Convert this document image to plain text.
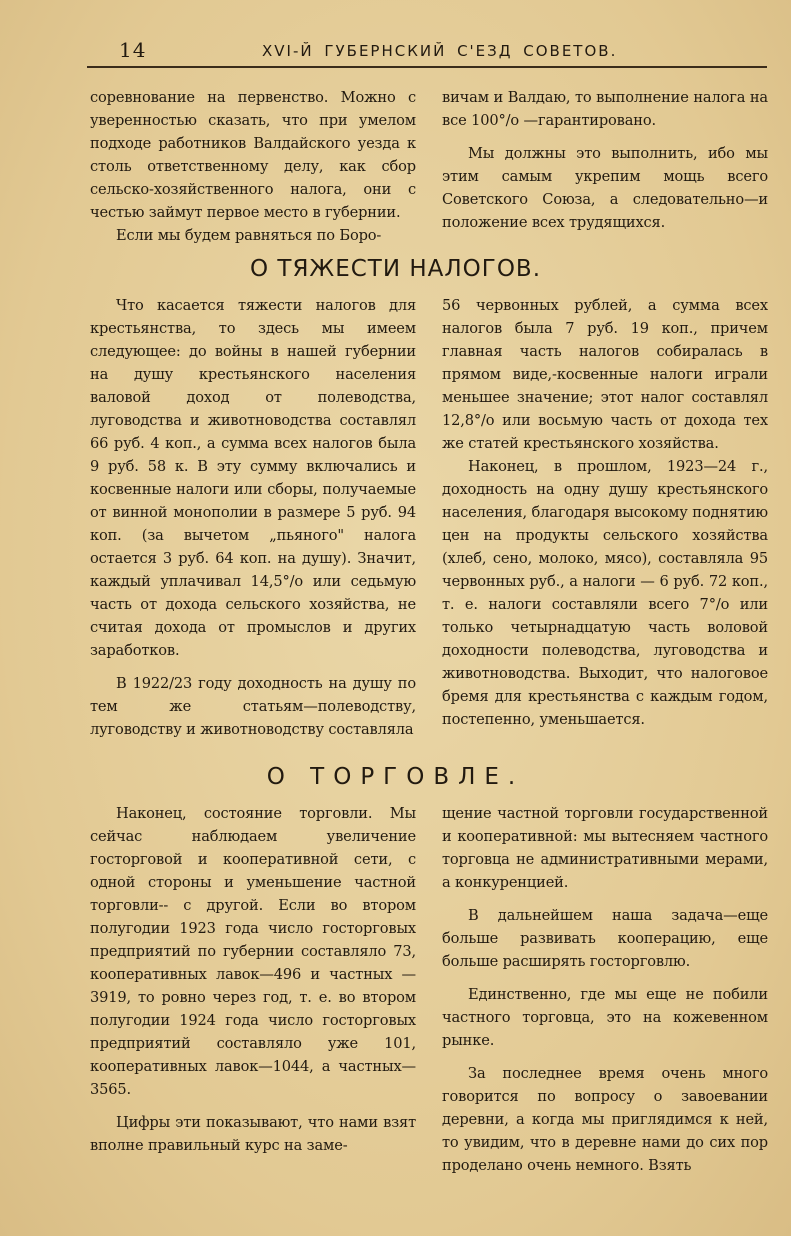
14	XVI-Й ГУБЕРНСКИЙ С'ЕЗД СОВЕТОВ.

соревнование на первенство. Можно с уверенностью сказать, что при умелом подходе работников Валдайского уезда к столь ответственному делу, как сбор сельско-хозяйственного налога, они с честью займут первое место в губернии.

Если мы будем равняться по Боро-

вичам и Валдаю, то выполнение налога на все 100°/о —гарантировано.

Мы должны это выполнить, ибо мы этим самым укрепим мощь всего Советского Союза, а следовательно—и положение всех трудящихся.

О ТЯЖЕСТИ НАЛОГОВ.

Что касается тяжести налогов для крестьянства, то здесь мы имеем следующее: до войны в нашей губернии на душу крестьянского населения валовой доход от полеводства, луговодства и животноводства составлял 66 руб. 4 коп., а сумма всех налогов была 9 руб. 58 к. В эту сумму включались и косвенные налоги или сборы, получаемые от винной монополии в размере 5 руб. 94 коп. (за вычетом „пьяного" налога остается 3 руб. 64 коп. на душу). Значит, каждый уплачивал 14,5°/о или седьмую часть от дохода сельского хозяйства, не считая дохода от промыслов и других заработков.

В 1922/23 году доходность на душу по тем же статьям—полеводству, луговодству и животноводству составляла

56 червонных рублей, а сумма всех налогов была 7 руб. 19 коп., причем главная часть налогов собиралась в прямом виде,-косвенные налоги играли меньшее значение; этот налог составлял 12,8°/о или восьмую часть от дохода тех же статей крестьянского хозяйства.

Наконец, в прошлом, 1923—24 г., доходность на одну душу крестьянского населения, благодаря высокому поднятию цен на продукты сельского хозяйства (хлеб, сено, молоко, мясо), составляла 95 червонных руб., а налоги — 6 руб. 72 коп., т. е. налоги составляли всего 7°/о или только четырнадцатую часть воловой доходности полеводства, луговодства и животноводства. Выходит, что налоговое бремя для крестьянства с каждым годом, постепенно, уменьшается.

О ТОРГОВЛЕ.

Наконец, состояние торговли. Мы сейчас наблюдаем увеличение госторговой и кооперативной сети, с одной стороны и уменьшение частной торговли-- с другой. Если во втором полугодии 1923 года число госторговых предприятий по губернии составляло 73, кооперативных лавок—496 и частных —3919, то ровно через год, т. е. во втором полугодии 1924 года число госторговых предприятий составляло уже 101, кооперативных лавок—1044, а частных—3565.

Цифры эти показывают, что нами взят вполне правильный курс на заме-

щение частной торговли государственной и кооперативной: мы вытесняем частного торговца не административными мерами, а конкуренцией.

В дальнейшем наша задача—еще больше развивать кооперацию, еще больше расширять госторговлю.

Единственно, где мы еще не побили частного торговца, это на кожевенном рынке.

За последнее время очень много говорится по вопросу о завоевании деревни, а когда мы приглядимся к ней, то увидим, что в деревне нами до сих пор проделано очень немного. Взять
